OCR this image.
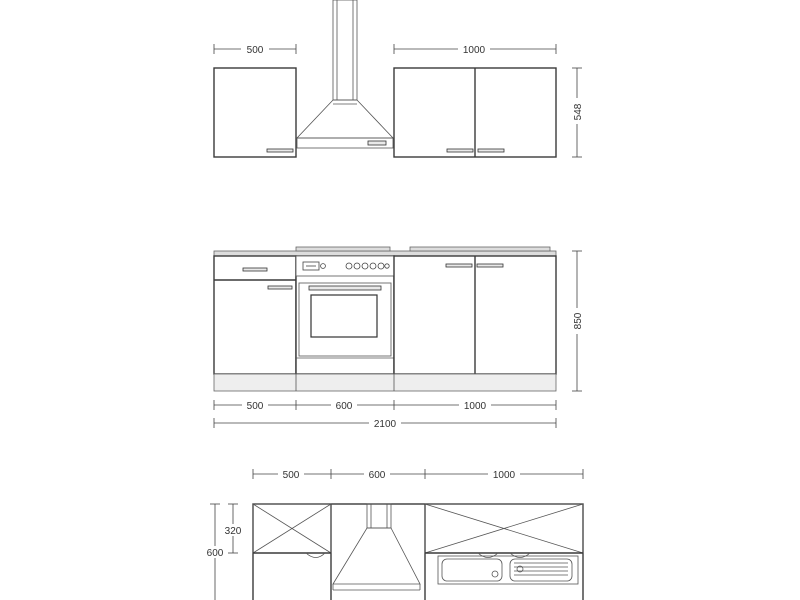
500	1000
548
850
500	600	1000
2100
500	600	1000
320
600
